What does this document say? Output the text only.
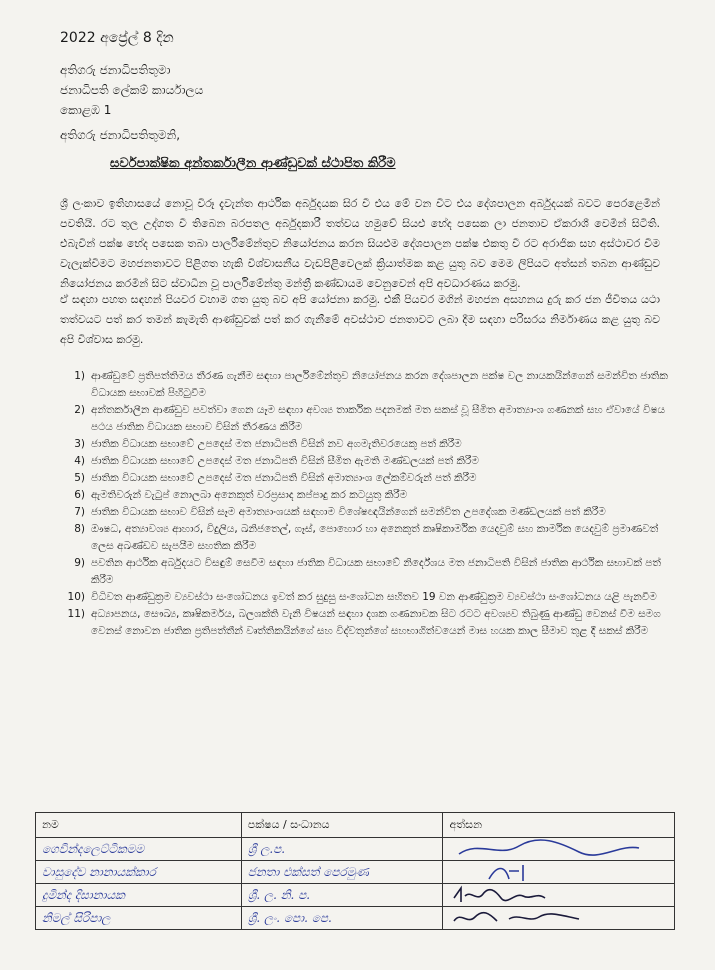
2022 අප්‍රේල් 8 දින
අතිගරු ජනාධිපතිතුමා
ජනාධිපති ලේකම් කාර්යාලය
කොළඹ 1
අතිගරු ජනාධිපතිතුමනි,
සර්වපාක්ෂික අන්තර්කාලීන ආණ්ඩුවක් ස්ථාපිත කිරීම
ශ්‍රී ලංකාව ඉතිහාසයේ නොවූ විරූ දැවැන්ත ආර්ථික අර්බුදයක සිර වී එය මේ වන විට එය දේශපාලන අර්බුදයක් බවට පෙරළෙමින් පවතියි. රට තුල උද්ගත වී තිබෙන බරපතල අර්බුදකාරී තත්වය හමුවේ සියළු භේද පසෙක ලා ජනතාව ඒකරාශී වෙමින් සිටිති. එබැවින් පක්ෂ භේද පසෙක තබා පාර්ලිමේන්තුව නියෝජනය කරන සියළුම දේශපාලන පක්ෂ එකතු වී රට අරාජික සහ අස්ථාවර වීම වැලැක්වීමට මහජනතාවට පිළිගත හැකි විශ්වාසනීය වැඩපිළිවෙලක් ක්‍රියාත්මක කළ යුතු බව මෙම ලිපියට අත්සන් තබන ආණ්ඩුව නියෝජනය කරමින් සිට ස්වාධීන වූ පාර්ලිමේන්තු මන්ත්‍රී කණ්ඩායම වෙනුවෙන් අපි අවධාරණය කරමු.
ඒ සඳහා පහත සඳහන් පියවර වහාම ගත යුතු බව අපි යෝජනා කරමු. එකී පියවර මගින් මහජන අසහනය දුරු කර ජන ජීවිතය යථා තත්වයට පත් කර තමන් කැමැති ආණ්ඩුවක් පත් කර ගැනීමේ අවස්ථාව ජනතාවට ලබා දීම සඳහා පරිසරය නිර්මාණය කළ යුතු බව අපි විශ්වාස කරමු.
1) ආණ්ඩුවේ ප්‍රතිපත්තිමය තීරණ ගැනීම සඳහා පාර්ලිමේන්තුව නියෝජනය කරන දේශපාලන පක්ෂ වල නායකයින්ගෙන් සමන්විත ජාතික විධායක සභාවක් පිහිටුවීම
2) අන්තර්කාලීන ආණ්ඩුව පවත්වා ගෙන යෑම සඳහා අවශ්‍ය තාර්කික පදනමක් මත සකස් වූ සීමිත අමාත්‍යාංශ ගණනක් සහ ඒවායේ විෂය පථය ජාතික විධායක සභාව විසින් තීරණය කිරීම
3) ජාතික විධායක සභාවේ උපදෙස් මත ජනාධිපති විසින් නව අගමැතිවරයෙකු පත් කිරීම
4) ජාතික විධායක සභාවේ උපදෙස් මත ජනාධිපති විසින් සීමිත ඇමති මණ්ඩලයක් පත් කිරීම
5) ජාතික විධායක සභාවේ උපදෙස් මත ජනාධිපති විසින් අමාත්‍යාංශ ලේකම්වරුන් පත් කිරීම
6) ඇමතිවරුන් වැටුප් නොලබා අනෙකුත් වරප්‍රසාද කප්පාදු කර කටයුතු කිරීම
7) ජාතික විධායක සභාව විසින් සෑම අමාත්‍යාංශයක් සඳහාම විශේෂඥයින්ගෙන් සමන්විත උපදේශක මණ්ඩලයක් පත් කිරීම
8) ඖෂධ, අත්‍යාවශ්‍ය ආහාර, විදුලිය, ඛනිජතෙල්, ගෑස්, පොහොර හා අනෙකුත් කෘෂිකාර්මික යෙදවුම් සහ කාර්මික යෙදවුම් ප්‍රමාණවත් ලෙස අඛණ්ඩව සැපයීම සහතික කිරීම
9) පවතින ආර්ථික අර්බුදයට විසඳුම් සෙවීම සඳහා ජාතික විධායක සභාවේ නිර්දේශය මත ජනාධිපති විසින් ජාතික ආර්ථික සභාවක් පත් කිරීම
10) විධිවත ආණ්ඩුක්‍රම ව්‍යවස්ථා සංශෝධනය ඉවත් කර සුදුසු සංශෝධන සහිතව 19 වන ආණ්ඩුක්‍රම ව්‍යවස්ථා සංශෝධනය යළි පැනවීම
11) අධ්‍යාපනය, සෞඛ්‍ය, කෘෂිකර්මය, බලශක්ති වැනි විෂයන් සඳහා දශක ගණනාවක සිට රටට අවශ්‍යව තිබුණු ආණ්ඩු වෙනස් වීම සමග වෙනස් නොවන ජාතික ප්‍රතිපත්තීන් වෘත්තිකයින්ගේ සහ විද්වතුන්ගේ සහභාගිත්වයෙන් මාස හයක කාල සීමාව තුළ දී සකස් කිරීම
නම	පක්ෂය / සංධානය	අත්සන
ගෙවින්දලෙට්ටිකමම	ශ්‍රී ල.ප.	

වාසුදේව නානායක්කාර	ජනතා එක්සත් පෙරමුණ	

දුමින්ද දිසානායක	ශ්‍රී. ල. නි. ප.	

නිමල් සිරිපාල	ශ්‍රී. ලං. පො. පෙ.	
